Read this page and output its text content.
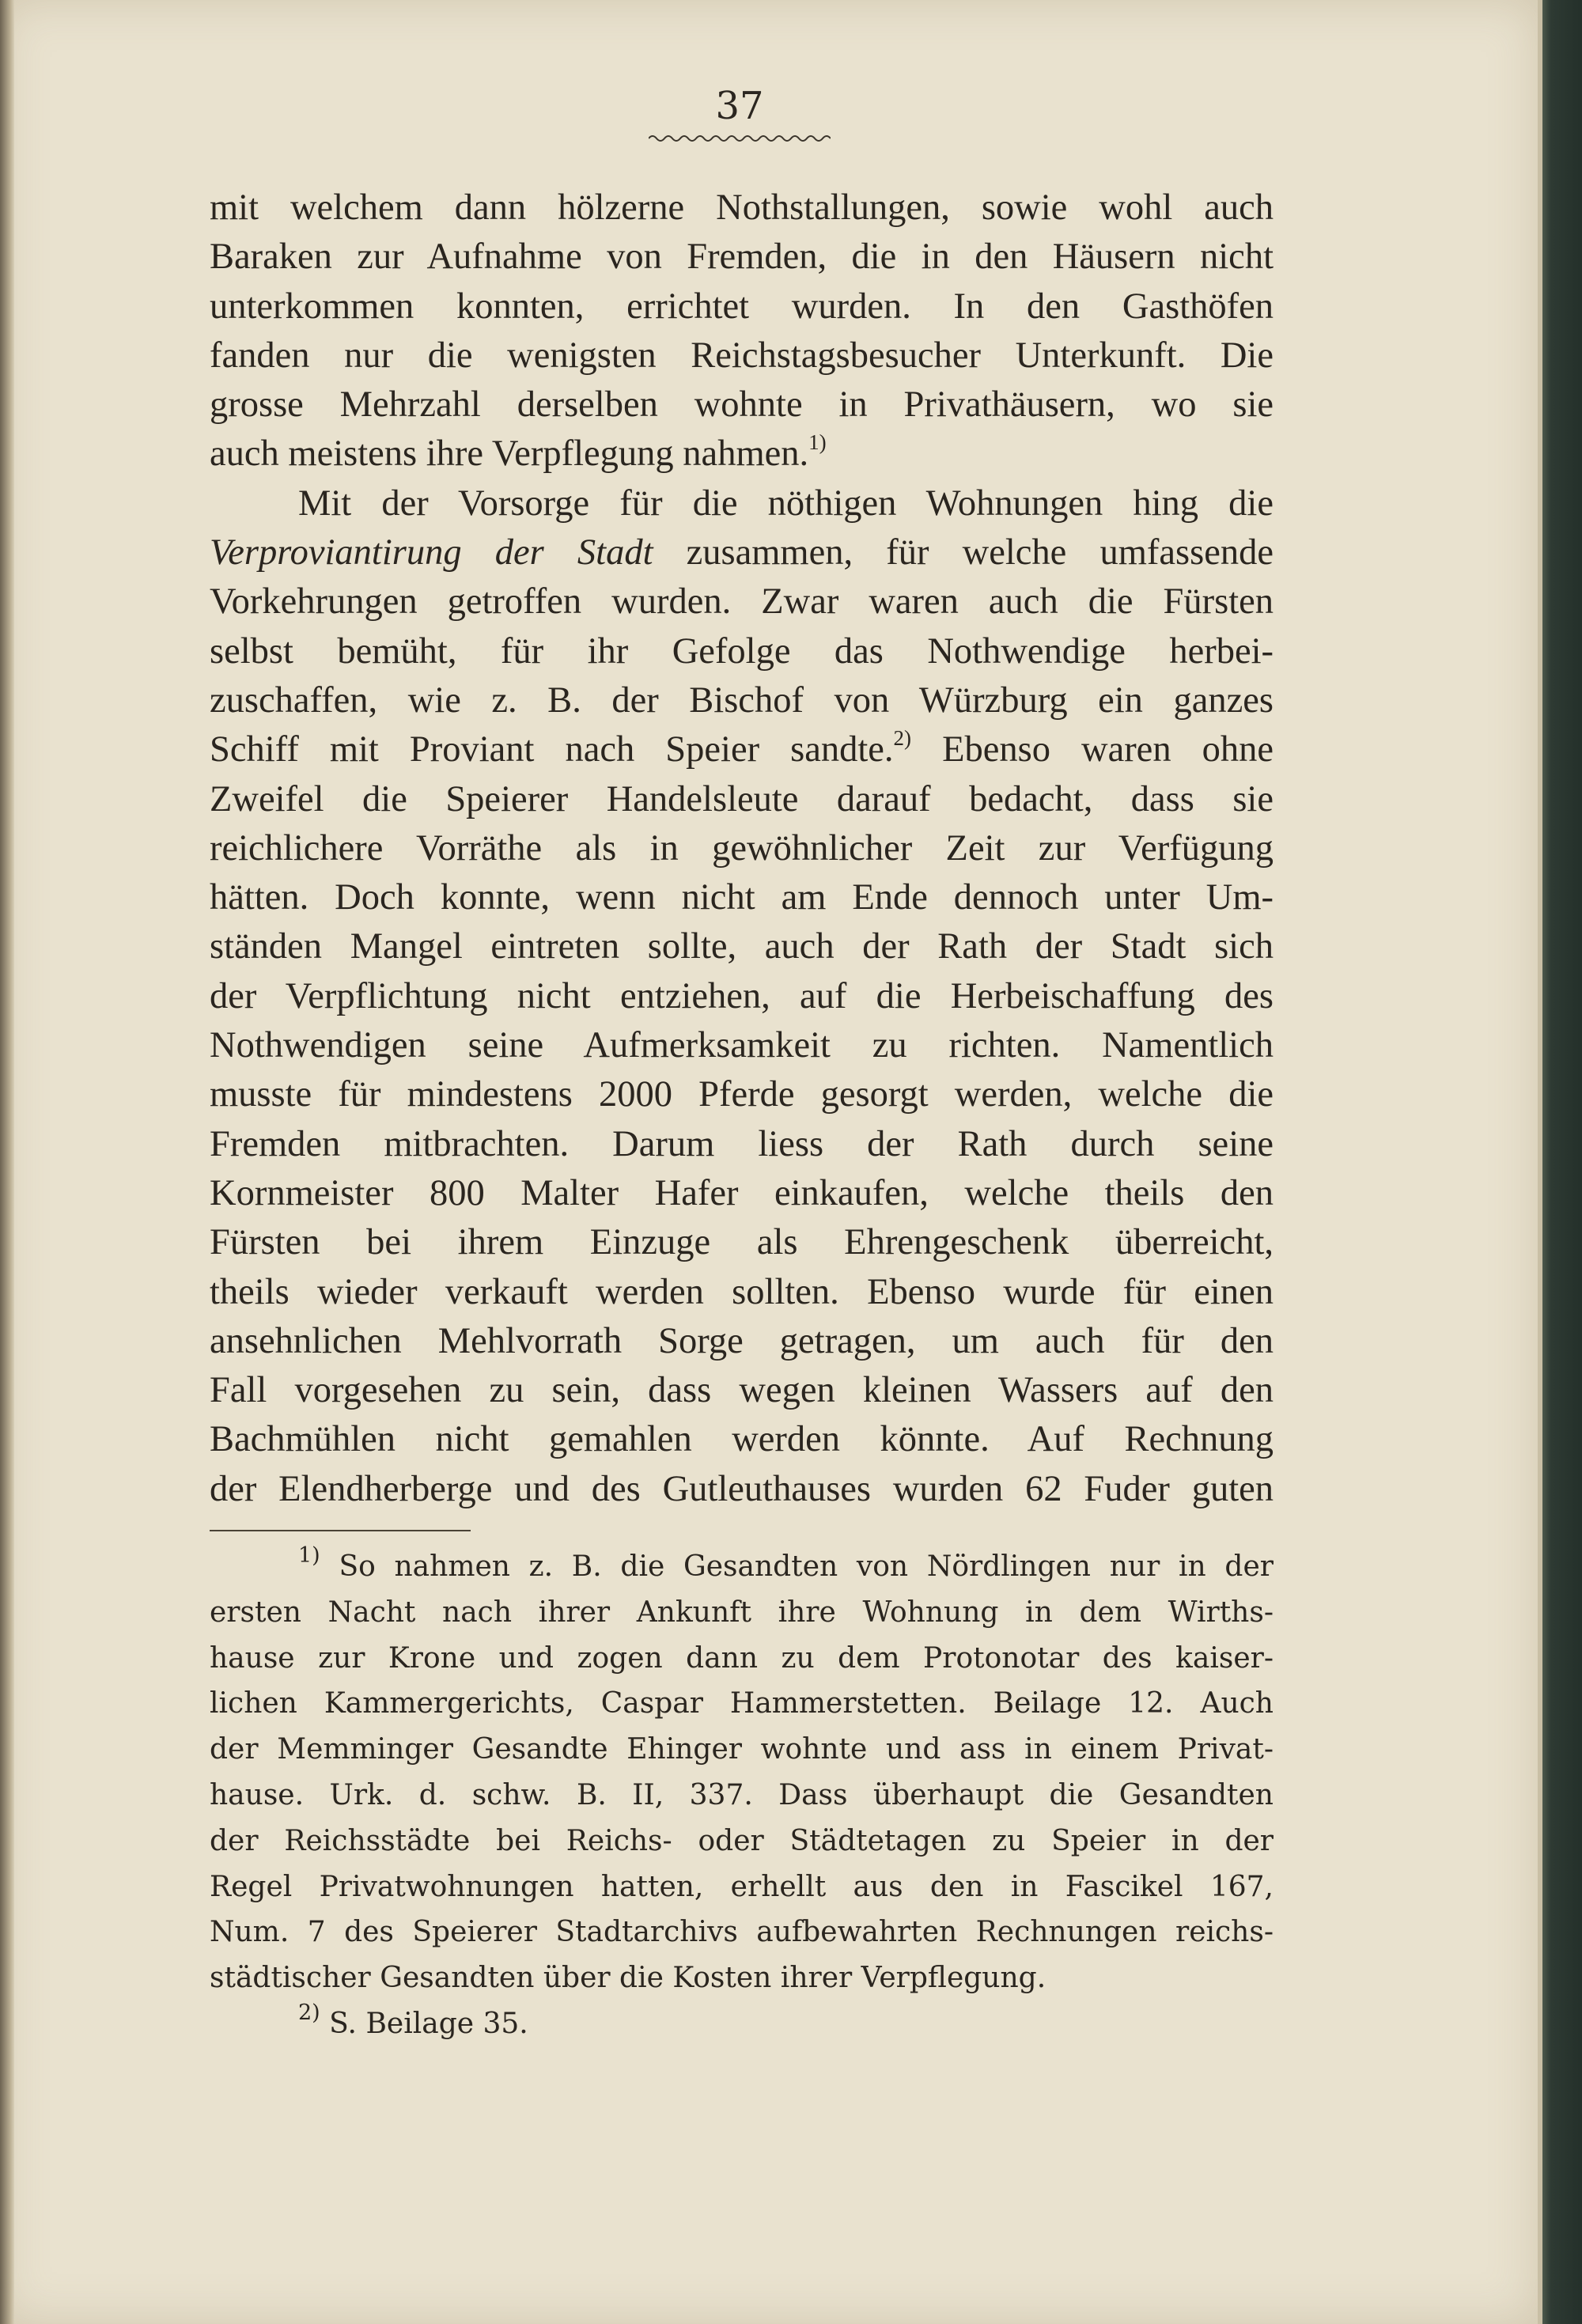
37
mit welchem dann hölzerne Nothstallungen, sowie wohl auch
Baraken zur Aufnahme von Fremden, die in den Häusern nicht
unterkommen konnten, errichtet wurden. In den Gasthöfen
fanden nur die wenigsten Reichstagsbesucher Unterkunft. Die
grosse Mehrzahl derselben wohnte in Privathäusern, wo sie
auch meistens ihre Verpflegung nahmen.$^{1)}$
Mit der Vorsorge für die nöthigen Wohnungen hing die
Verproviantirung der Stadt zusammen, für welche umfassende
Vorkehrungen getroffen wurden. Zwar waren auch die Fürsten
selbst bemüht, für ihr Gefolge das Nothwendige herbei-
zuschaffen, wie z. B. der Bischof von Würzburg ein ganzes
Schiff mit Proviant nach Speier sandte.$^{2)}$ Ebenso waren ohne
Zweifel die Speierer Handelsleute darauf bedacht, dass sie
reichlichere Vorräthe als in gewöhnlicher Zeit zur Verfügung
hätten. Doch konnte, wenn nicht am Ende dennoch unter Um-
ständen Mangel eintreten sollte, auch der Rath der Stadt sich
der Verpflichtung nicht entziehen, auf die Herbeischaffung des
Nothwendigen seine Aufmerksamkeit zu richten. Namentlich
musste für mindestens 2000 Pferde gesorgt werden, welche die
Fremden mitbrachten. Darum liess der Rath durch seine
Kornmeister 800 Malter Hafer einkaufen, welche theils den
Fürsten bei ihrem Einzuge als Ehrengeschenk überreicht,
theils wieder verkauft werden sollten. Ebenso wurde für einen
ansehnlichen Mehlvorrath Sorge getragen, um auch für den
Fall vorgesehen zu sein, dass wegen kleinen Wassers auf den
Bachmühlen nicht gemahlen werden könnte. Auf Rechnung
der Elendherberge und des Gutleuthauses wurden 62 Fuder guten
$^{1)}$ So nahmen z. B. die Gesandten von Nördlingen nur in der
ersten Nacht nach ihrer Ankunft ihre Wohnung in dem Wirths-
hause zur Krone und zogen dann zu dem Protonotar des kaiser-
lichen Kammergerichts, Caspar Hammerstetten. Beilage 12. Auch
der Memminger Gesandte Ehinger wohnte und ass in einem Privat-
hause. Urk. d. schw. B. II, 337. Dass überhaupt die Gesandten
der Reichsstädte bei Reichs- oder Städtetagen zu Speier in der
Regel Privatwohnungen hatten, erhellt aus den in Fascikel 167,
Num. 7 des Speierer Stadtarchivs aufbewahrten Rechnungen reichs-
städtischer Gesandten über die Kosten ihrer Verpflegung.
$^{2)}$ S. Beilage 35.
